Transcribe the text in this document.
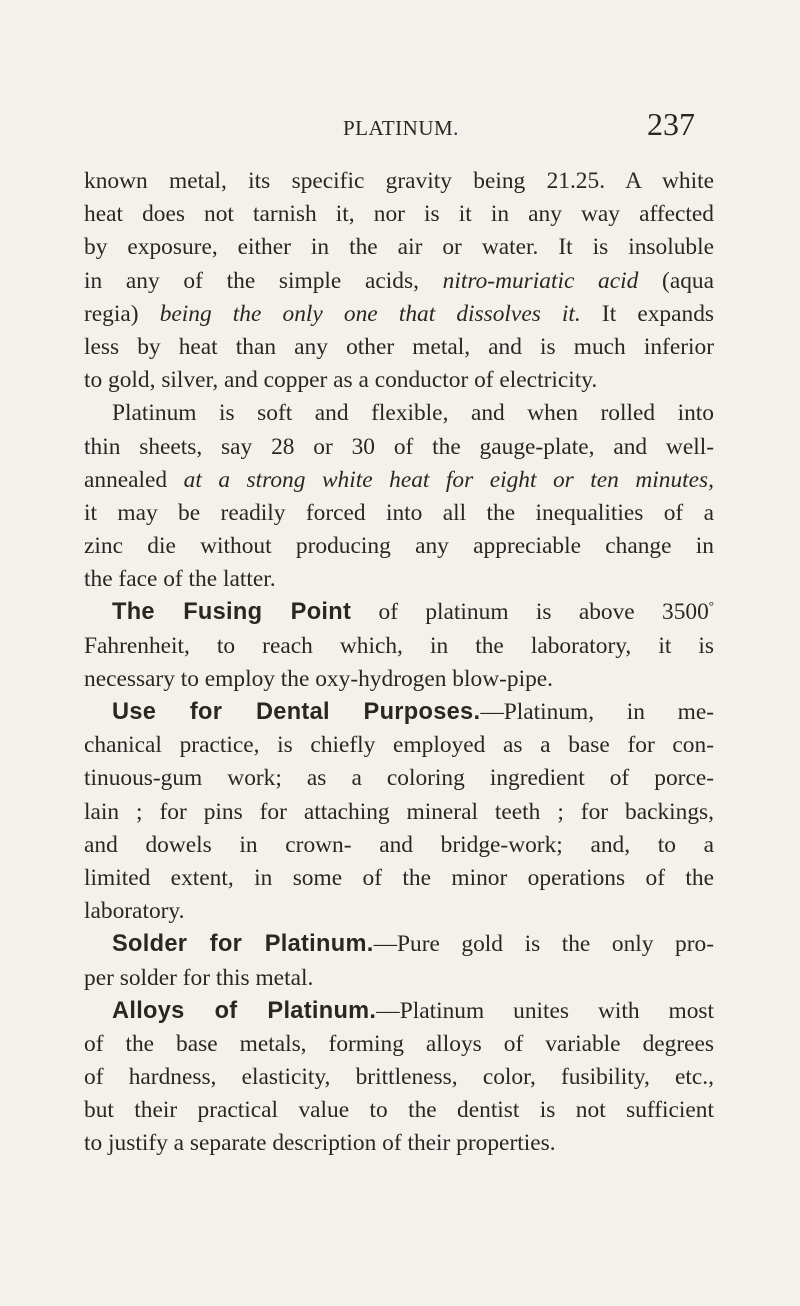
PLATINUM.	237
known metal, its specific gravity being 21.25. A white
heat does not tarnish it, nor is it in any way affected
by exposure, either in the air or water. It is insoluble
in any of the simple acids, nitro-muriatic acid (aqua
regia) being the only one that dissolves it. It expands
less by heat than any other metal, and is much inferior
to gold, silver, and copper as a conductor of electricity.
Platinum is soft and flexible, and when rolled into
thin sheets, say 28 or 30 of the gauge-plate, and well-
annealed at a strong white heat for eight or ten minutes,
it may be readily forced into all the inequalities of a
zinc die without producing any appreciable change in
the face of the latter.
The Fusing Point of platinum is above 3500°
Fahrenheit, to reach which, in the laboratory, it is
necessary to employ the oxy-hydrogen blow-pipe.
Use for Dental Purposes.—Platinum, in me-
chanical practice, is chiefly employed as a base for con-
tinuous-gum work; as a coloring ingredient of porce-
lain ; for pins for attaching mineral teeth ; for backings,
and dowels in crown- and bridge-work; and, to a
limited extent, in some of the minor operations of the
laboratory.
Solder for Platinum.—Pure gold is the only pro-
per solder for this metal.
Alloys of Platinum.—Platinum unites with most
of the base metals, forming alloys of variable degrees
of hardness, elasticity, brittleness, color, fusibility, etc.,
but their practical value to the dentist is not sufficient
to justify a separate description of their properties.
